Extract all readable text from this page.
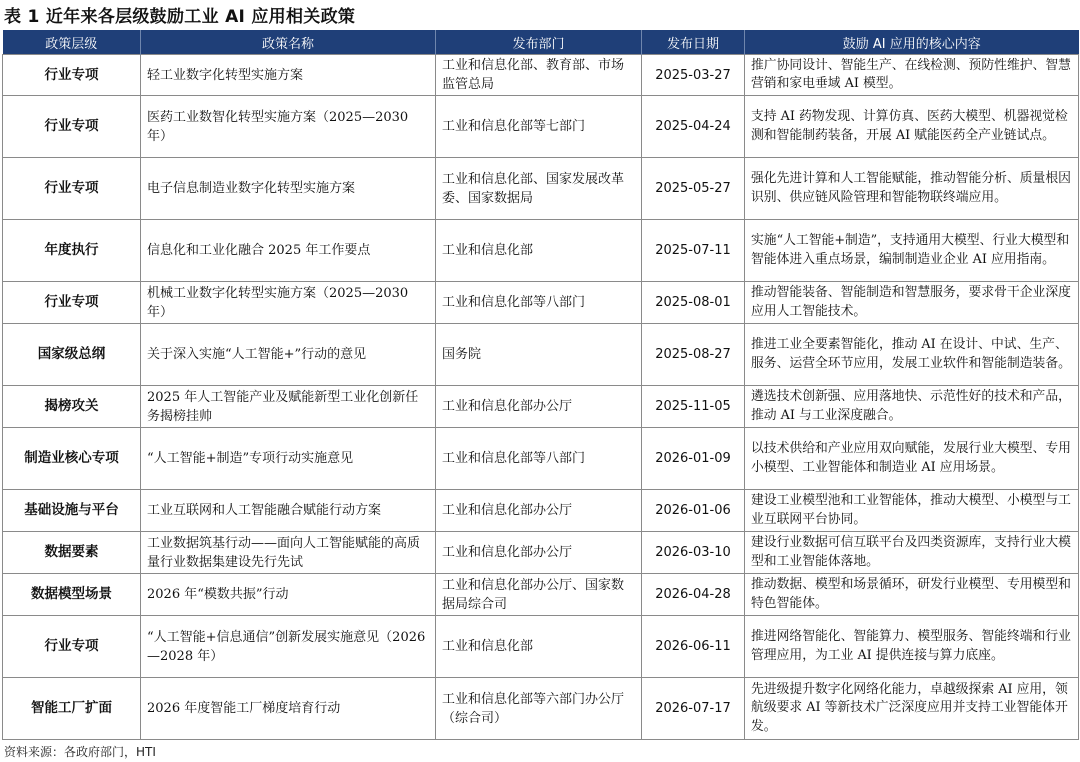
表 1 近年来各层级鼓励工业 AI 应用相关政策
政策层级	政策名称	发布部门	发布日期	鼓励 AI 应用的核心内容
行业专项	轻工业数字化转型实施方案	工业和信息化部、教育部、市场监管总局	2025-03-27	推广协同设计、智能生产、在线检测、预防性维护、智慧营销和家电垂域 AI 模型。
行业专项	医药工业数智化转型实施方案（2025—2030 年）	工业和信息化部等七部门	2025-04-24	支持 AI 药物发现、计算仿真、医药大模型、机器视觉检测和智能制药装备，开展 AI 赋能医药全产业链试点。
行业专项	电子信息制造业数字化转型实施方案	工业和信息化部、国家发展改革委、国家数据局	2025-05-27	强化先进计算和人工智能赋能，推动智能分析、质量根因识别、供应链风险管理和智能物联终端应用。
年度执行	信息化和工业化融合 2025 年工作要点	工业和信息化部	2025-07-11	实施“人工智能+制造”，支持通用大模型、行业大模型和智能体进入重点场景，编制制造业企业 AI 应用指南。
行业专项	机械工业数字化转型实施方案（2025—2030 年）	工业和信息化部等八部门	2025-08-01	推动智能装备、智能制造和智慧服务，要求骨干企业深度应用人工智能技术。
国家级总纲	关于深入实施“人工智能+”行动的意见	国务院	2025-08-27	推进工业全要素智能化，推动 AI 在设计、中试、生产、服务、运营全环节应用，发展工业软件和智能制造装备。
揭榜攻关	2025 年人工智能产业及赋能新型工业化创新任务揭榜挂帅	工业和信息化部办公厅	2025-11-05	遴选技术创新强、应用落地快、示范性好的技术和产品，推动 AI 与工业深度融合。
制造业核心专项	“人工智能+制造”专项行动实施意见	工业和信息化部等八部门	2026-01-09	以技术供给和产业应用双向赋能，发展行业大模型、专用小模型、工业智能体和制造业 AI 应用场景。
基础设施与平台	工业互联网和人工智能融合赋能行动方案	工业和信息化部办公厅	2026-01-06	建设工业模型池和工业智能体，推动大模型、小模型与工业互联网平台协同。
数据要素	工业数据筑基行动——面向人工智能赋能的高质量行业数据集建设先行先试	工业和信息化部办公厅	2026-03-10	建设行业数据可信互联平台及四类资源库，支持行业大模型和工业智能体落地。
数据模型场景	2026 年“模数共振”行动	工业和信息化部办公厅、国家数据局综合司	2026-04-28	推动数据、模型和场景循环，研发行业模型、专用模型和特色智能体。
行业专项	“人工智能+信息通信”创新发展实施意见（2026—2028 年）	工业和信息化部	2026-06-11	推进网络智能化、智能算力、模型服务、智能终端和行业管理应用，为工业 AI 提供连接与算力底座。
智能工厂扩面	2026 年度智能工厂梯度培育行动	工业和信息化部等六部门办公厅（综合司）	2026-07-17	先进级提升数字化网络化能力，卓越级探索 AI 应用，领航级要求 AI 等新技术广泛深度应用并支持工业智能体开发。
资料来源：各政府部门，HTI
